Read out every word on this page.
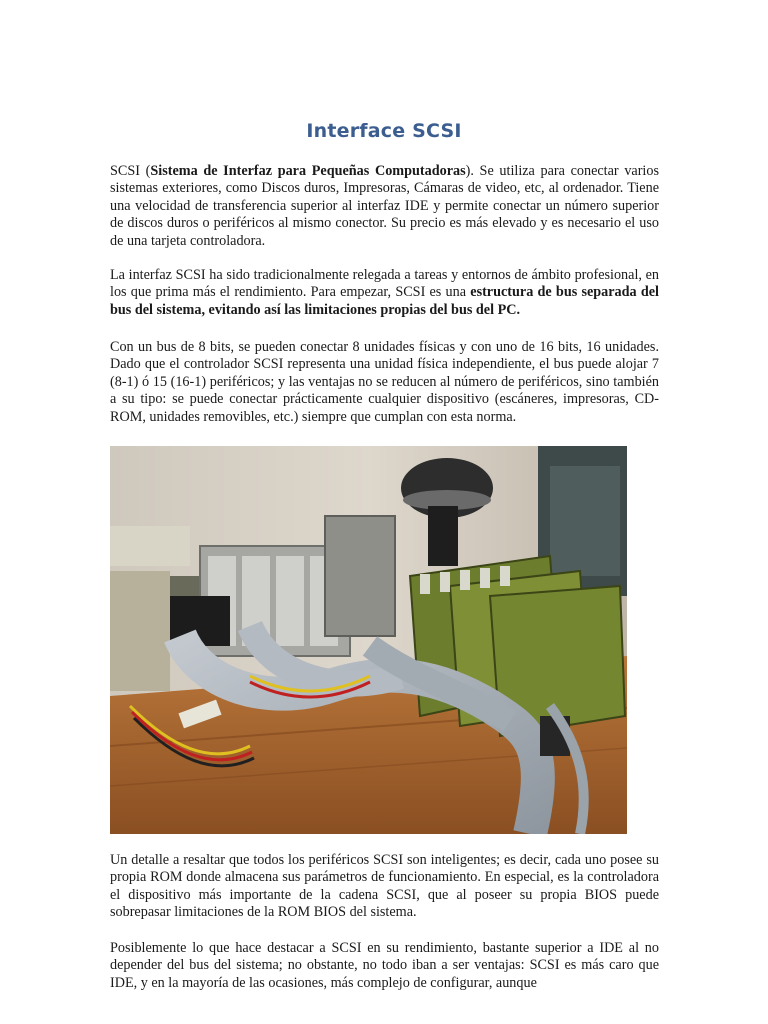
Interface SCSI
SCSI (Sistema de Interfaz para Pequeñas Computadoras). Se utiliza para conectar varios sistemas exteriores, como Discos duros, Impresoras, Cámaras de video, etc, al ordenador. Tiene una velocidad de transferencia superior al interfaz IDE y permite conectar un número superior de discos duros o periféricos al mismo conector. Su precio es más elevado y es necesario el uso de una tarjeta controladora.
La interfaz SCSI ha sido tradicionalmente relegada a tareas y entornos de ámbito profesional, en los que prima más el rendimiento. Para empezar, SCSI es una estructura de bus separada del bus del sistema, evitando así las limitaciones propias del bus del PC.
Con un bus de 8 bits, se pueden conectar 8 unidades físicas y con uno de 16 bits, 16 unidades. Dado que el controlador SCSI representa una unidad física independiente, el bus puede alojar 7 (8-1) ó 15 (16-1) periféricos; y las ventajas no se reducen al número de periféricos, sino también a su tipo: se puede conectar prácticamente cualquier dispositivo (escáneres, impresoras, CD-ROM, unidades removibles, etc.) siempre que cumplan con esta norma.
Un detalle a resaltar que todos los periféricos SCSI son inteligentes; es decir, cada uno posee su propia ROM donde almacena sus parámetros de funcionamiento. En especial, es la controladora el dispositivo más importante de la cadena SCSI, que al poseer su propia BIOS puede sobrepasar limitaciones de la ROM BIOS del sistema.
Posiblemente lo que hace destacar a SCSI en su rendimiento, bastante superior a IDE al no depender del bus del sistema; no obstante, no todo iban a ser ventajas: SCSI es más caro que IDE, y en la mayoría de las ocasiones, más complejo de configurar, aunque
